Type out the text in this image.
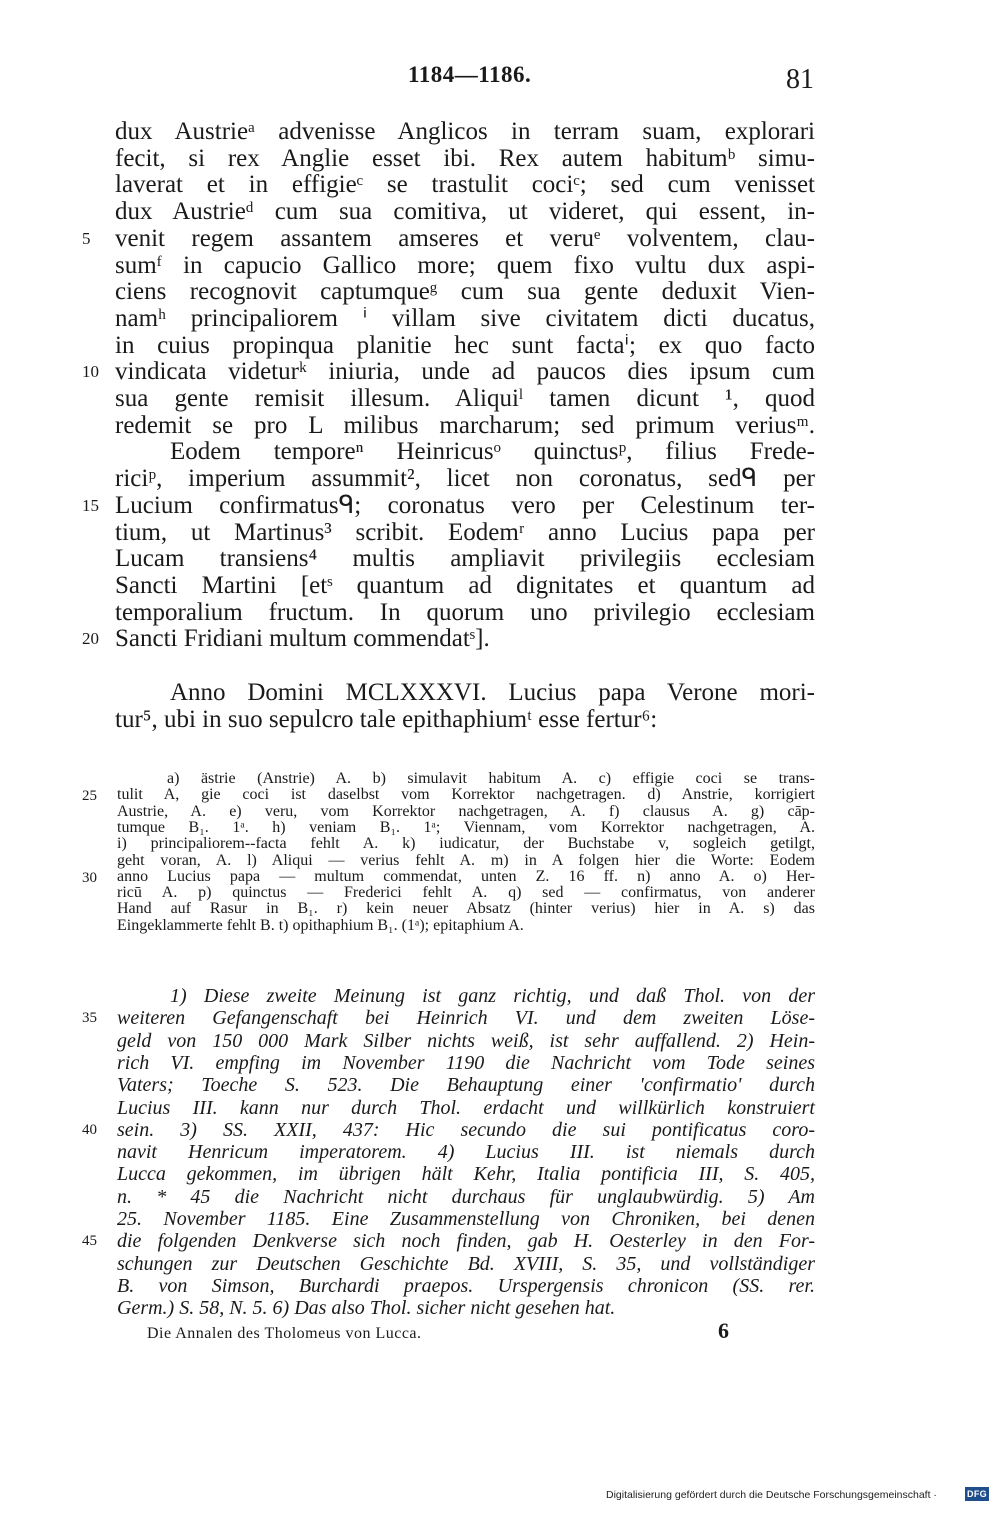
1184—1186.	81
dux Austrieᵃ advenisse Anglicos in terram suam, explorari
fecit, si rex Anglie esset ibi. Rex autem habitumᵇ simu-
laverat et in effigieᶜ se trastulit cociᶜ; sed cum venisset
dux Austrieᵈ cum sua comitiva, ut videret, qui essent, in-
venit regem assantem amseres et veruᵉ volventem, clau-
5
sumᶠ in capucio Gallico more; quem fixo vultu dux aspi-
ciens recognovit captumqueᵍ cum sua gente deduxit Vien-
namʰ principaliorem ⁱ villam sive civitatem dicti ducatus,
in cuius propinqua planitie hec sunt factaⁱ; ex quo facto
vindicata videturᵏ iniuria, unde ad paucos dies ipsum cum
10
sua gente remisit illesum. Aliquiˡ tamen dicunt ¹, quod
redemit se pro L milibus marcharum; sed primum veriusᵐ.
Eodem temporeⁿ Heinricusᵒ quinctusᵖ, filius Frede-
riciᵖ, imperium assummit², licet non coronatus, sedᑫ per
Lucium confirmatusᑫ; coronatus vero per Celestinum ter-
15
tium, ut Martinus³ scribit. Eodemʳ anno Lucius papa per
Lucam transiens⁴ multis ampliavit privilegiis ecclesiam
Sancti Martini [etˢ quantum ad dignitates et quantum ad
temporalium fructum. In quorum uno privilegio ecclesiam
Sancti Fridiani multum commendatˢ].
20
Anno Domini MCLXXXVI. Lucius papa Verone mori-
tur⁵, ubi in suo sepulcro tale epithaphiumᵗ esse fertur⁶:
a) ästrie (Anstrie) A. b) simulavit habitum A. c) effigie coci se trans-
tulit A, gie coci ist daselbst vom Korrektor nachgetragen. d) Anstrie, korrigiert
25
Austrie, A. e) veru, vom Korrektor nachgetragen, A. f) clausus A. g) cāp-
tumque B₁. 1ᵃ. h) veniam B₁. 1ᵃ; Viennam, vom Korrektor nachgetragen, A.
i) principaliorem--facta fehlt A. k) iudicatur, der Buchstabe v, sogleich getilgt,
geht voran, A. l) Aliqui — verius fehlt A. m) in A folgen hier die Worte: Eodem
anno Lucius papa — multum commendat, unten Z. 16 ff. n) anno A. o) Her-
30
ricū A. p) quinctus — Frederici fehlt A. q) sed — confirmatus, von anderer
Hand auf Rasur in B₁. r) kein neuer Absatz (hinter verius) hier in A. s) das
Eingeklammerte fehlt B. t) opithaphium B₁. (1ᵃ); epitaphium A.
1) Diese zweite Meinung ist ganz richtig, und daß Thol. von der
weiteren Gefangenschaft bei Heinrich VI. und dem zweiten Löse-
35
geld von 150 000 Mark Silber nichts weiß, ist sehr auffallend. 2) Hein-
rich VI. empfing im November 1190 die Nachricht vom Tode seines
Vaters; Toeche S. 523. Die Behauptung einer 'confirmatio' durch
Lucius III. kann nur durch Thol. erdacht und willkürlich konstruiert
sein. 3) SS. XXII, 437: Hic secundo die sui pontificatus coro-
40
navit Henricum imperatorem. 4) Lucius III. ist niemals durch
Lucca gekommen, im übrigen hält Kehr, Italia pontificia III, S. 405,
n. * 45 die Nachricht nicht durchaus für unglaubwürdig. 5) Am
25. November 1185. Eine Zusammenstellung von Chroniken, bei denen
die folgenden Denkverse sich noch finden, gab H. Oesterley in den For-
45
schungen zur Deutschen Geschichte Bd. XVIII, S. 35, und vollständiger
B. von Simson, Burchardi praepos. Urspergensis chronicon (SS. rer.
Germ.) S. 58, N. 5. 6) Das also Thol. sicher nicht gesehen hat.
Die Annalen des Tholomeus von Lucca.	6
Digitalisierung gefördert durch die Deutsche Forschungsgemeinschaft ·	DFG
